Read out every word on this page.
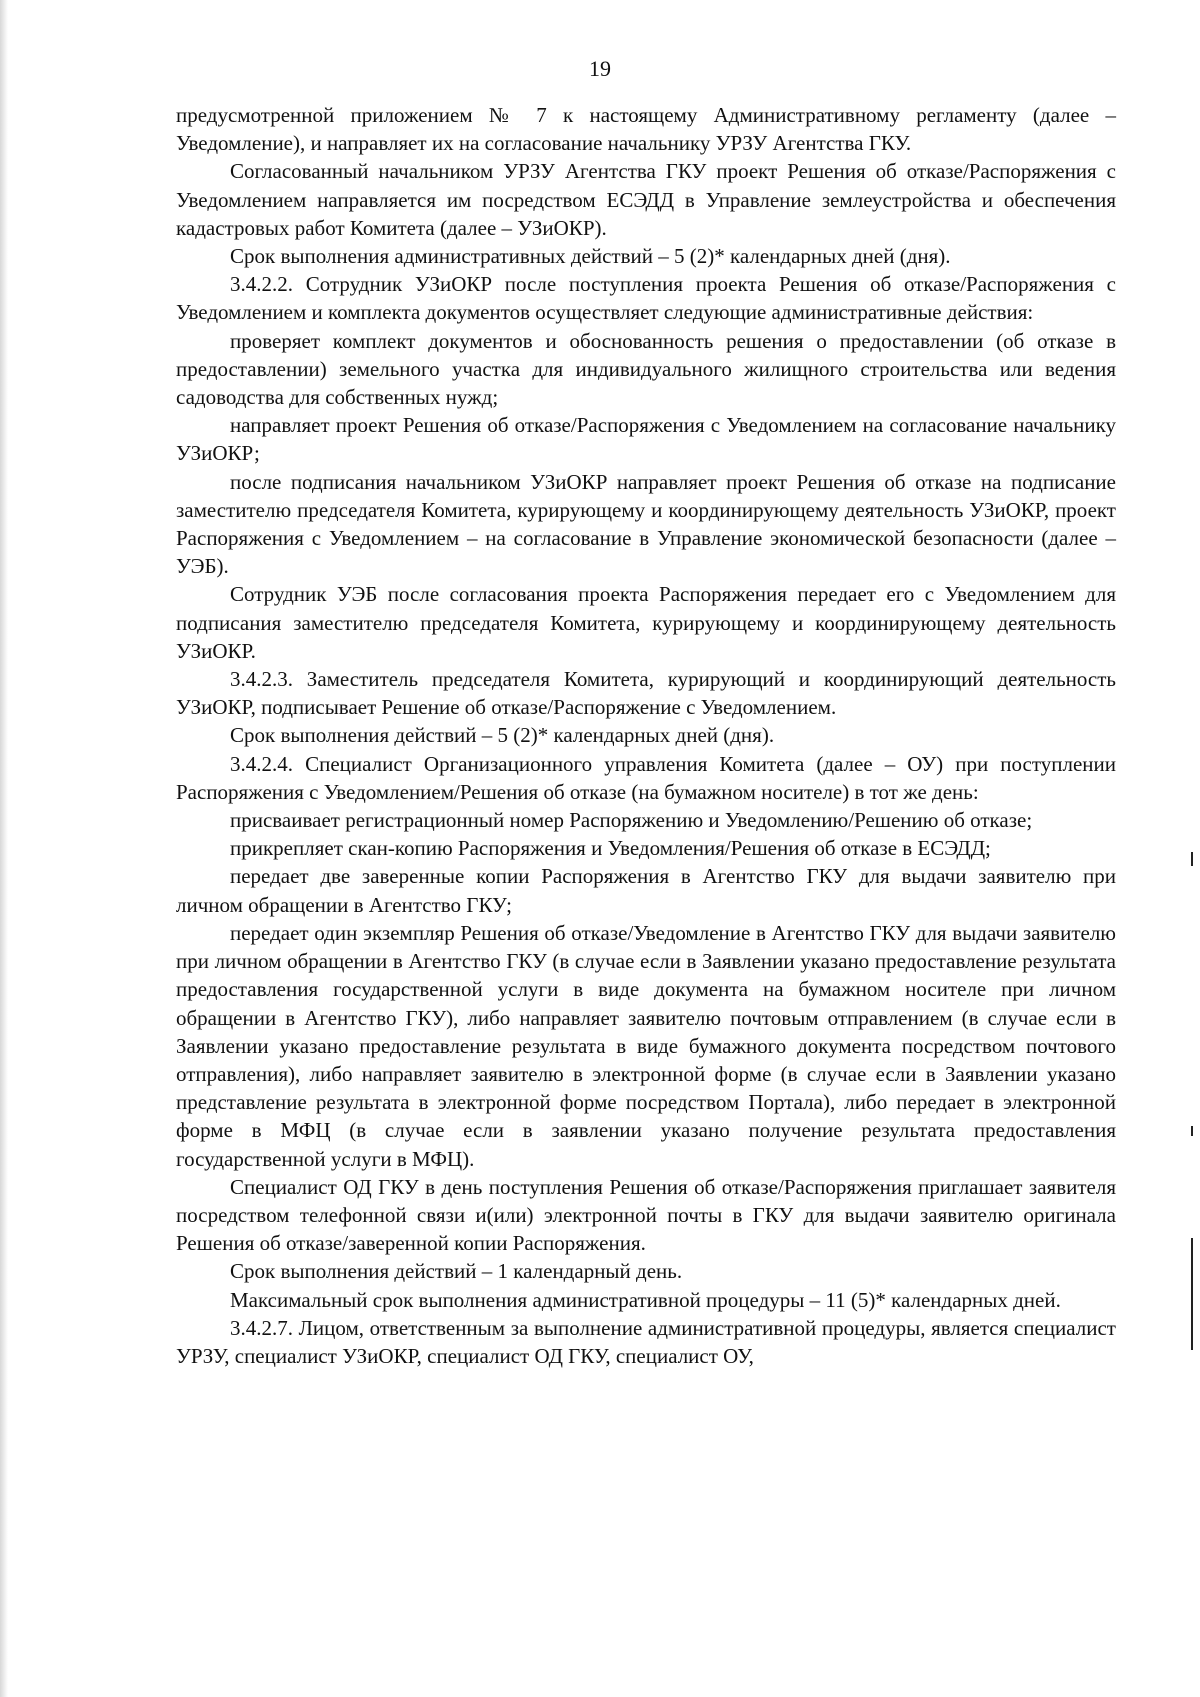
19

предусмотренной приложением № 7 к настоящему Административному регламенту (далее – Уведомление), и направляет их на согласование начальнику УРЗУ Агентства ГКУ.

Согласованный начальником УРЗУ Агентства ГКУ проект Решения об отказе/Распоряжения с Уведомлением направляется им посредством ЕСЭДД в Управление землеустройства и обеспечения кадастровых работ Комитета (далее – УЗиОКР).

Срок выполнения административных действий – 5 (2)* календарных дней (дня).

3.4.2.2. Сотрудник УЗиОКР после поступления проекта Решения об отказе/Распоряжения с Уведомлением и комплекта документов осуществляет следующие административные действия:

проверяет комплект документов и обоснованность решения о предоставлении (об отказе в предоставлении) земельного участка для индивидуального жилищного строительства или ведения садоводства для собственных нужд;

направляет проект Решения об отказе/Распоряжения с Уведомлением на согласование начальнику УЗиОКР;

после подписания начальником УЗиОКР направляет проект Решения об отказе на подписание заместителю председателя Комитета, курирующему и координирующему деятельность УЗиОКР, проект Распоряжения с Уведомлением – на согласование в Управление экономической безопасности (далее – УЭБ).

Сотрудник УЭБ после согласования проекта Распоряжения передает его с Уведомлением для подписания заместителю председателя Комитета, курирующему и координирующему деятельность УЗиОКР.

3.4.2.3. Заместитель председателя Комитета, курирующий и координирующий деятельность УЗиОКР, подписывает Решение об отказе/Распоряжение с Уведомлением.

Срок выполнения действий – 5 (2)* календарных дней (дня).

3.4.2.4. Специалист Организационного управления Комитета (далее – ОУ) при поступлении Распоряжения с Уведомлением/Решения об отказе (на бумажном носителе) в тот же день:

присваивает регистрационный номер Распоряжению и Уведомлению/Решению об отказе;

прикрепляет скан-копию Распоряжения и Уведомления/Решения об отказе в ЕСЭДД;

передает две заверенные копии Распоряжения в Агентство ГКУ для выдачи заявителю при личном обращении в Агентство ГКУ;

передает один экземпляр Решения об отказе/Уведомление в Агентство ГКУ для выдачи заявителю при личном обращении в Агентство ГКУ (в случае если в Заявлении указано предоставление результата предоставления государственной услуги в виде документа на бумажном носителе при личном обращении в Агентство ГКУ), либо направляет заявителю почтовым отправлением (в случае если в Заявлении указано предоставление результата в виде бумажного документа посредством почтового отправления), либо направляет заявителю в электронной форме (в случае если в Заявлении указано представление результата в электронной форме посредством Портала), либо передает в электронной форме в МФЦ (в случае если в заявлении указано получение результата предоставления государственной услуги в МФЦ).

Специалист ОД ГКУ в день поступления Решения об отказе/Распоряжения приглашает заявителя посредством телефонной связи и(или) электронной почты в ГКУ для выдачи заявителю оригинала Решения об отказе/заверенной копии Распоряжения.

Срок выполнения действий – 1 календарный день.

Максимальный срок выполнения административной процедуры – 11 (5)* календарных дней.

3.4.2.7. Лицом, ответственным за выполнение административной процедуры, является специалист УРЗУ, специалист УЗиОКР, специалист ОД ГКУ, специалист ОУ,
